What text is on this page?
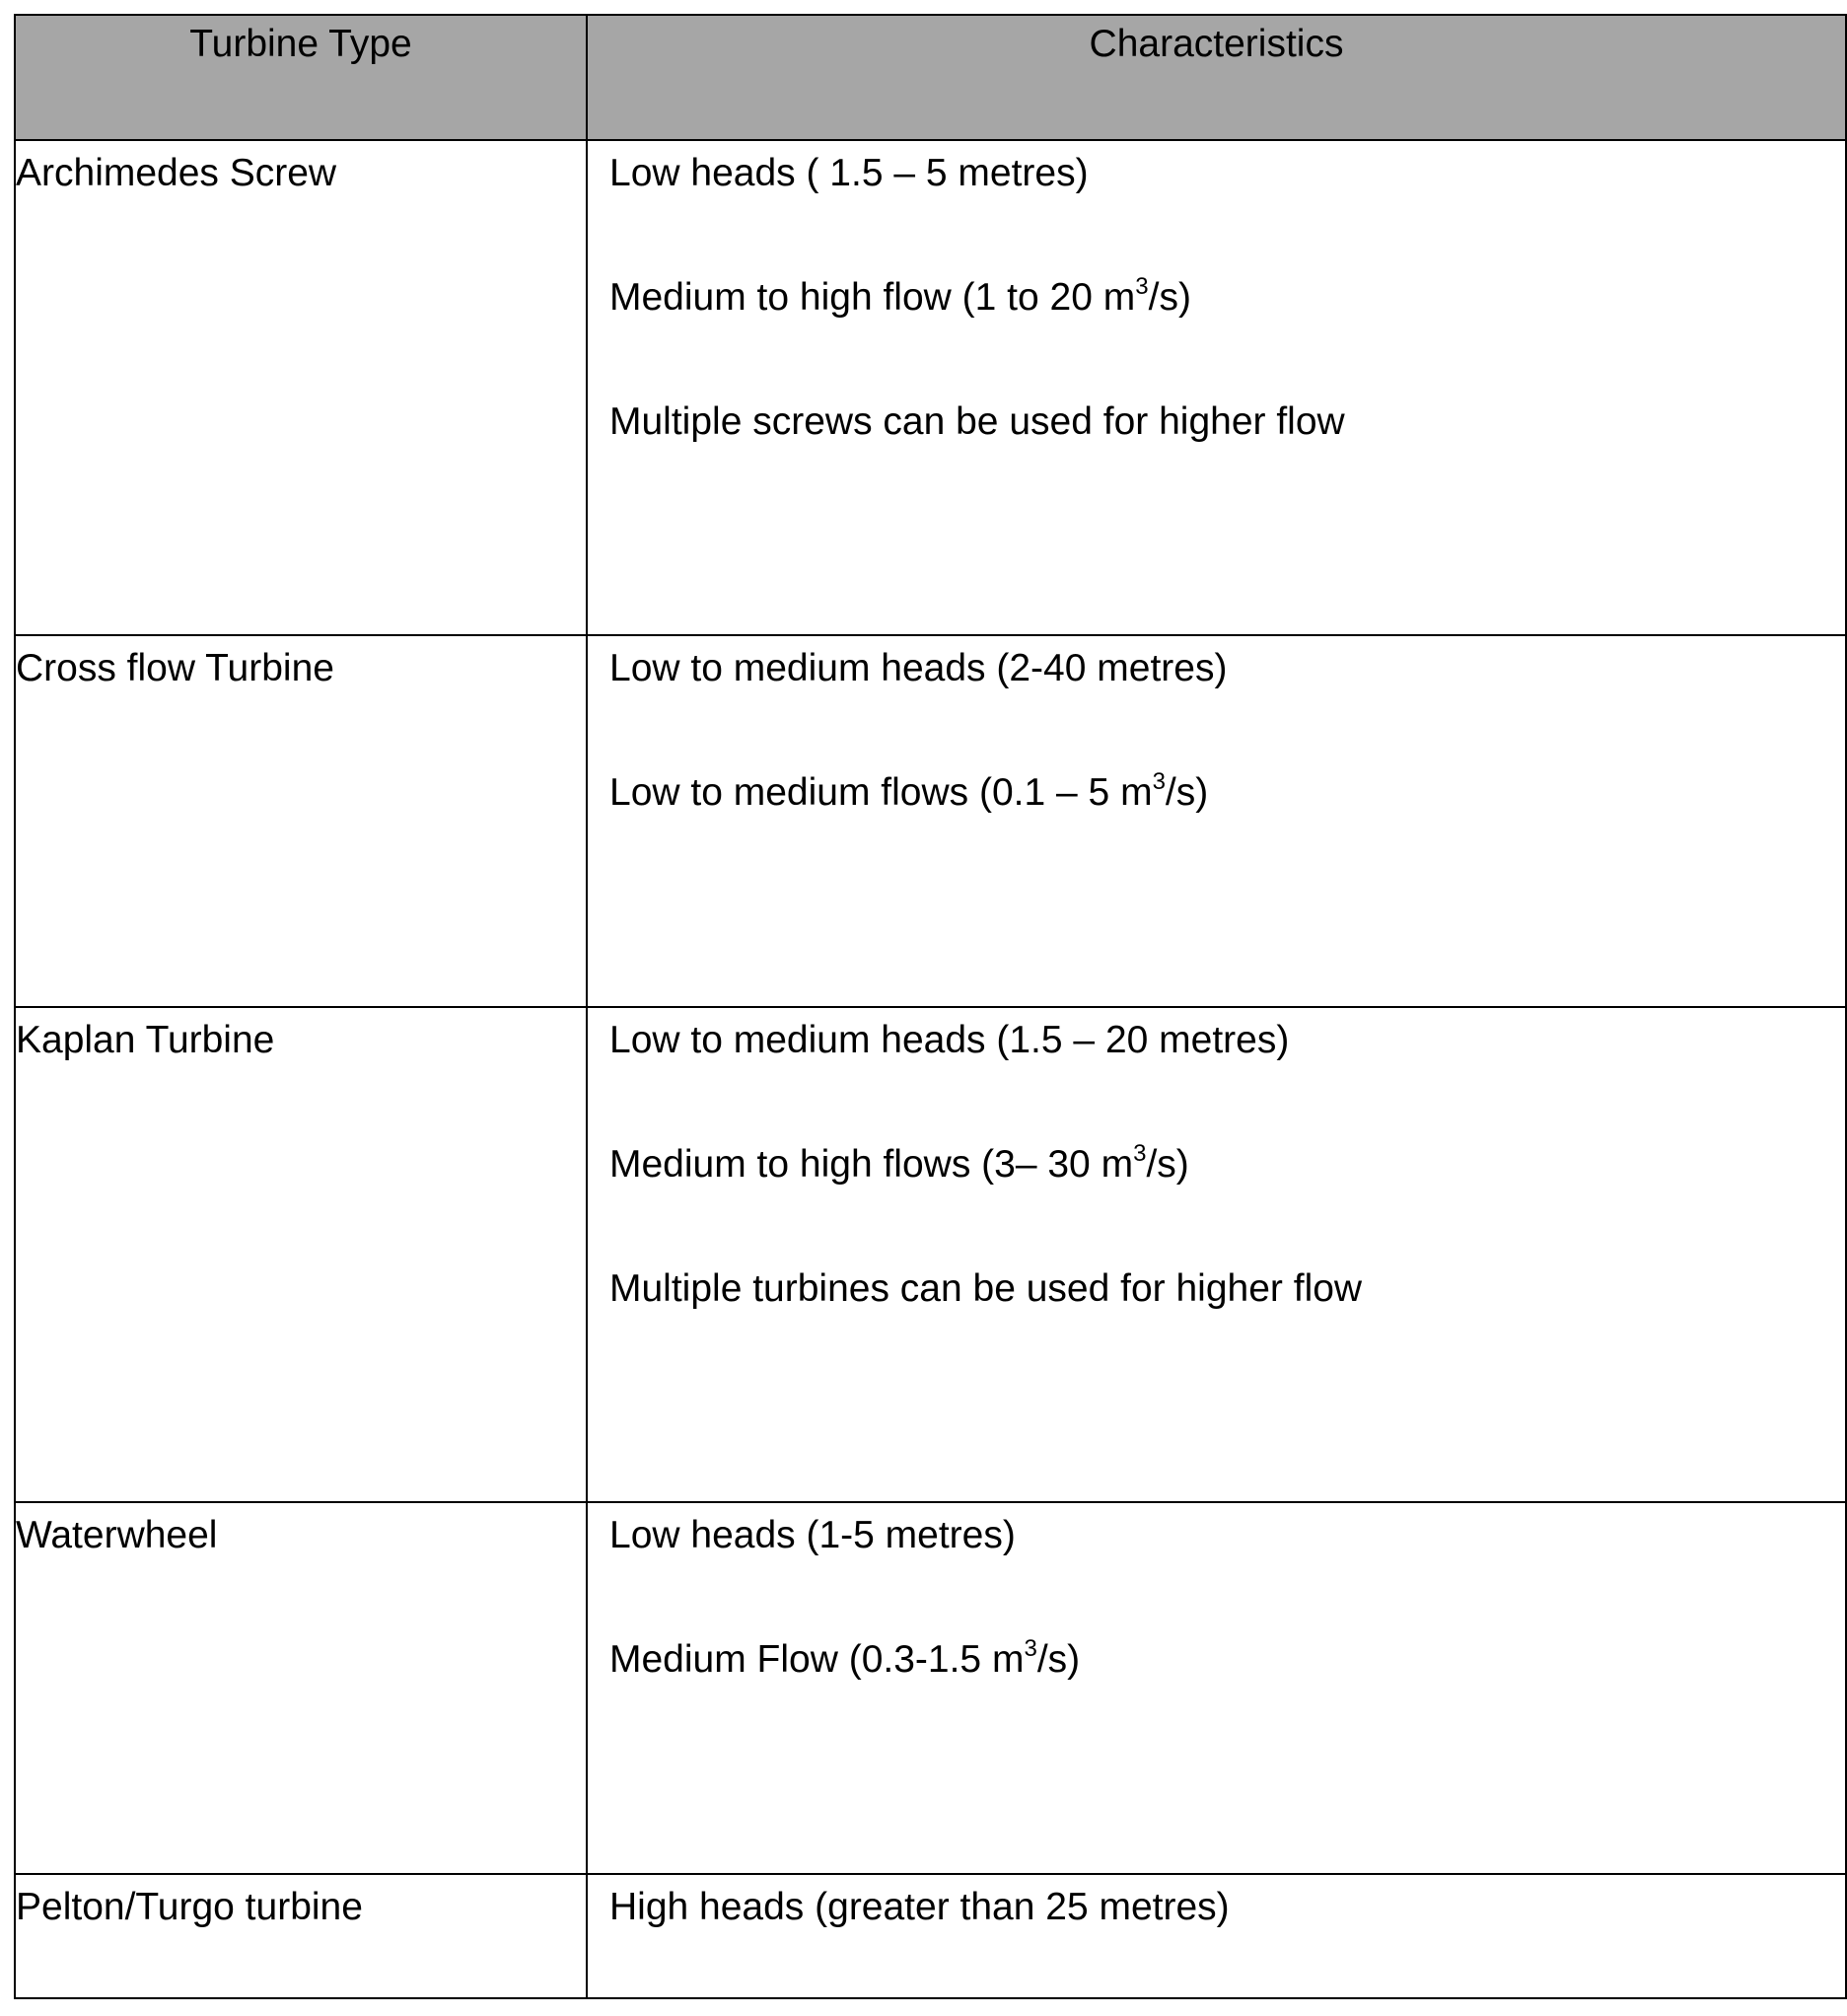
Turbine Type	Characteristics

Archimedes Screw	Low heads ( 1.5 – 5 metres)
Medium to high flow (1 to 20 $m^3/s$)
Multiple screws can be used for higher flow

Cross flow Turbine	Low to medium heads (2-40 metres)
Low to medium flows (0.1 – 5 $m^3/s$)

Kaplan Turbine	Low to medium heads (1.5 – 20 metres)
Medium to high flows (3– 30 $m^3/s$)
Multiple turbines can be used for higher flow

Waterwheel	Low heads (1-5 metres)
Medium Flow (0.3-1.5 $m^3/s$)

Pelton/Turgo turbine	High heads (greater than 25 metres)
